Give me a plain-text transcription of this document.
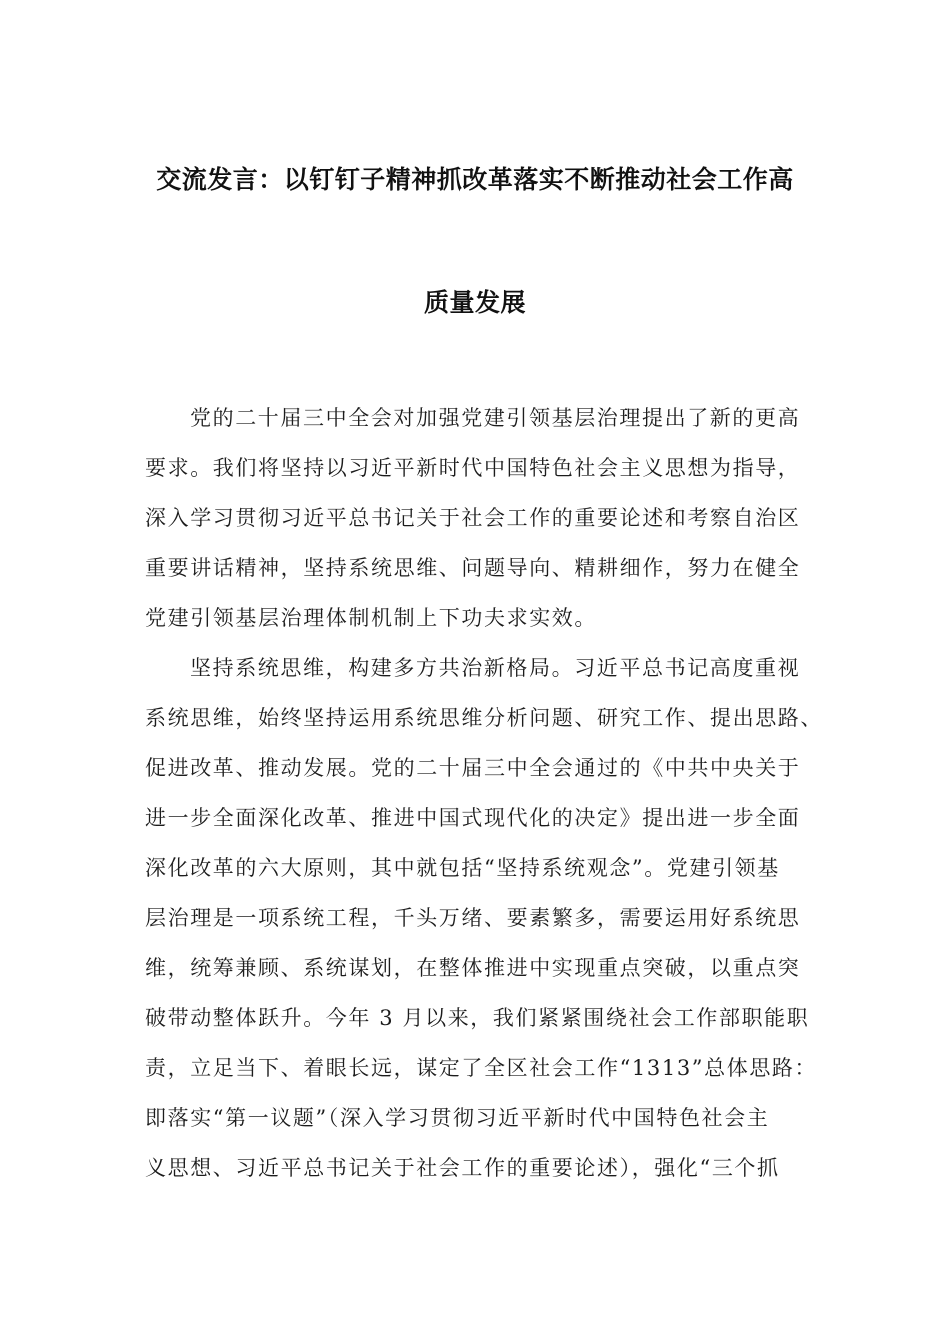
交流发言：以钉钉子精神抓改革落实不断推动社会工作高
质量发展
党的二十届三中全会对加强党建引领基层治理提出了新的更高
要求。我们将坚持以习近平新时代中国特色社会主义思想为指导，
深入学习贯彻习近平总书记关于社会工作的重要论述和考察自治区
重要讲话精神，坚持系统思维、问题导向、精耕细作，努力在健全
党建引领基层治理体制机制上下功夫求实效。
坚持系统思维，构建多方共治新格局。习近平总书记高度重视
系统思维，始终坚持运用系统思维分析问题、研究工作、提出思路、
促进改革、推动发展。党的二十届三中全会通过的《中共中央关于
进一步全面深化改革、推进中国式现代化的决定》提出进一步全面
深化改革的六大原则，其中就包括“坚持系统观念”。党建引领基
层治理是一项系统工程，千头万绪、要素繁多，需要运用好系统思
维，统筹兼顾、系统谋划，在整体推进中实现重点突破，以重点突
破带动整体跃升。今年 3 月以来，我们紧紧围绕社会工作部职能职
责，立足当下、着眼长远，谋定了全区社会工作“1313”总体思路：
即落实“第一议题”（深入学习贯彻习近平新时代中国特色社会主
义思想、习近平总书记关于社会工作的重要论述），强化“三个抓
